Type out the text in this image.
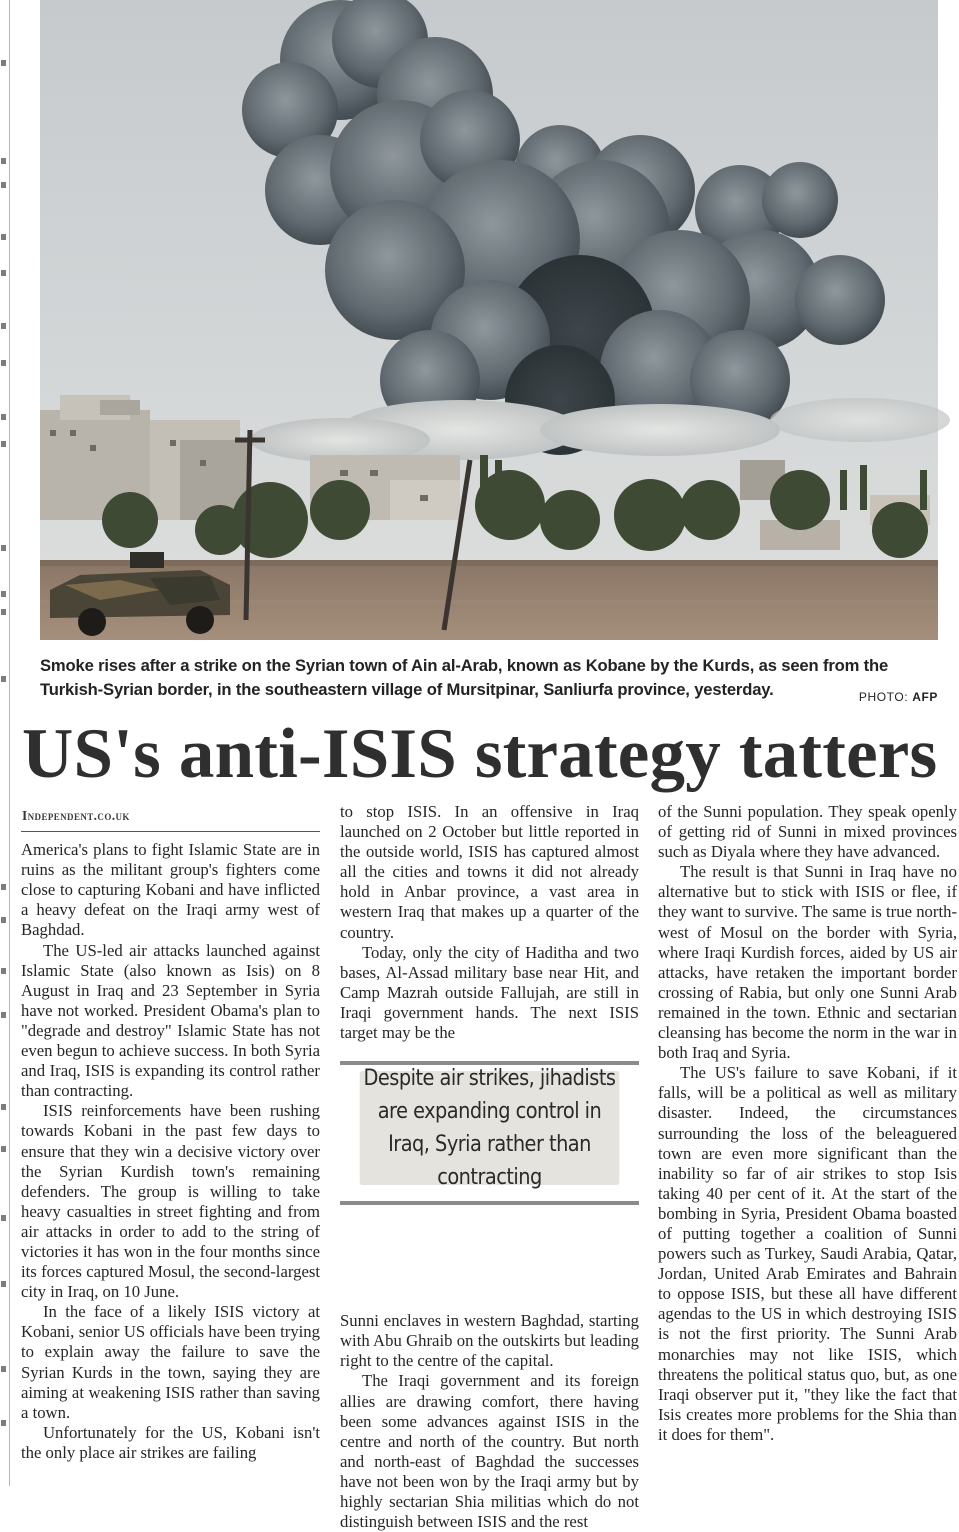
Smoke rises after a strike on the Syrian town of Ain al-Arab, known as Kobane by the Kurds, as seen from the Turkish-Syrian border, in the southeastern village of Mursitpinar, Sanliurfa province, yesterday.	PHOTO: AFP
US's anti-ISIS strategy tatters
Independent.co.uk

America's plans to fight Islamic State are in ruins as the militant group's fighters come close to capturing Kobani and have inflicted a heavy defeat on the Iraqi army west of Baghdad.

The US-led air attacks launched against Islamic State (also known as Isis) on 8 August in Iraq and 23 September in Syria have not worked. President Obama's plan to "degrade and destroy" Islamic State has not even begun to achieve success. In both Syria and Iraq, ISIS is expanding its control rather than contracting.

ISIS reinforcements have been rushing towards Kobani in the past few days to ensure that they win a decisive victory over the Syrian Kurdish town's remaining defenders. The group is willing to take heavy casualties in street fighting and from air attacks in order to add to the string of victories it has won in the four months since its forces captured Mosul, the second-largest city in Iraq, on 10 June.

In the face of a likely ISIS victory at Kobani, senior US officials have been trying to explain away the failure to save the Syrian Kurds in the town, saying they are aiming at weakening ISIS rather than saving a town.

Unfortunately for the US, Kobani isn't the only place air strikes are failing

to stop ISIS. In an offensive in Iraq launched on 2 October but little reported in the outside world, ISIS has captured almost all the cities and towns it did not already hold in Anbar province, a vast area in western Iraq that makes up a quarter of the country.

Today, only the city of Haditha and two bases, Al-Assad military base near Hit, and Camp Mazrah outside Fallujah, are still in Iraqi government hands. The next ISIS target may be the

Sunni enclaves in western Baghdad, starting with Abu Ghraib on the outskirts but leading right to the centre of the capital.

The Iraqi government and its foreign allies are drawing comfort, there having been some advances against ISIS in the centre and north of the country. But north and north-east of Baghdad the successes have not been won by the Iraqi army but by highly sectarian Shia militias which do not distinguish between ISIS and the rest

Despite air strikes, jihadists are expanding control in Iraq, Syria rather than contracting

of the Sunni population. They speak openly of getting rid of Sunni in mixed provinces such as Diyala where they have advanced.

The result is that Sunni in Iraq have no alternative but to stick with ISIS or flee, if they want to survive. The same is true north-west of Mosul on the border with Syria, where Iraqi Kurdish forces, aided by US air attacks, have retaken the important border crossing of Rabia, but only one Sunni Arab remained in the town. Ethnic and sectarian cleansing has become the norm in the war in both Iraq and Syria.

The US's failure to save Kobani, if it falls, will be a political as well as military disaster. Indeed, the circumstances surrounding the loss of the beleaguered town are even more significant than the inability so far of air strikes to stop Isis taking 40 per cent of it. At the start of the bombing in Syria, President Obama boasted of putting together a coalition of Sunni powers such as Turkey, Saudi Arabia, Qatar, Jordan, United Arab Emirates and Bahrain to oppose ISIS, but these all have different agendas to the US in which destroying ISIS is not the first priority. The Sunni Arab monarchies may not like ISIS, which threatens the political status quo, but, as one Iraqi observer put it, "they like the fact that Isis creates more problems for the Shia than it does for them".
